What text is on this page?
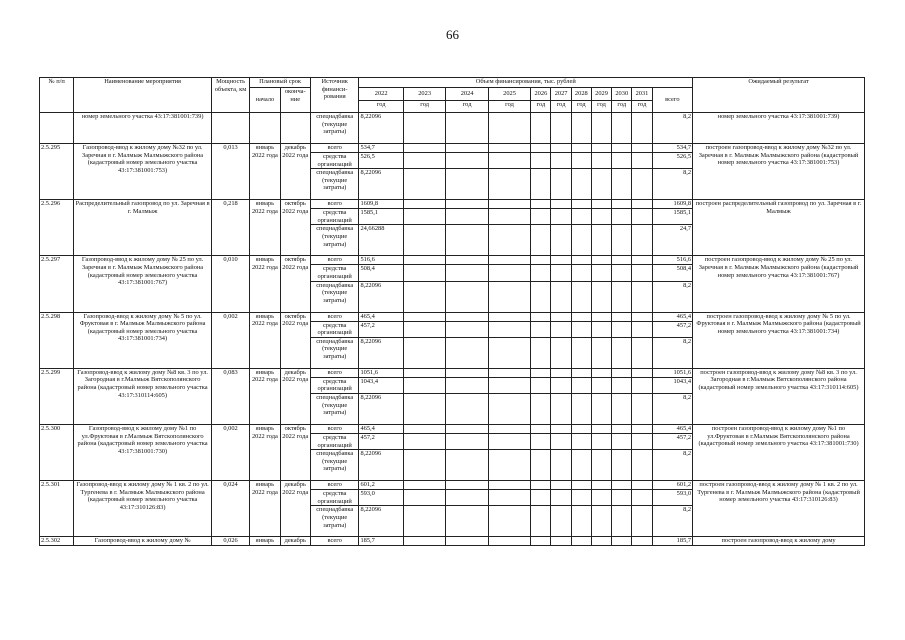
66
№ п/п	Наименование мероприятия	Мощность объекта, км	Плановый срок		Источник финанси-рования	Объем финансирования, тыс. рублей											Ожидаемый результат
			начало	оконча-ние		2022	2023	2024	2025	2026	2027	2028	2029	2030	2031	всего	
						год	год	год	год	год	год	год	год	год	год		
	номер земельного участка 43:17:381001:739)				спецнадбавка (текущие затраты)	8,22096										8,2	номер земельного участка 43:17:381001:739)
2.5.295	Газопровод-ввод к жилому дому №32 по ул. Заречная в г. Малмыж Малмыжского района (кадастровый номер земельного участка 43:17:381001:753)	0,013	январь 2022 года	декабрь 2022 года	всего	534,7										534,7	построен газопровод-ввод к жилому дому №32 по ул. Заречная в г. Малмыж Малмыжского района (кадастровый номер земельного участка 43:17:381001:753)
					средства организаций	526,5										526,5	
					спецнадбавка (текущие затраты)	8,22096										8,2	
2.5.296	Распределительный газопровод по ул. Заречная в г. Малмыж	0,218	январь 2022 года	октябрь 2022 года	всего	1609,8										1609,8	построен распределительный газопровод по ул. Заречная в г. Малмыж
					средства организаций	1585,1										1585,1	
					спецнадбавка (текущие затраты)	24,66288										24,7	
2.5.297	Газопровод-ввод к жилому дому № 25 по ул. Заречная в г. Малмыж Малмыжского района (кадастровый номер земельного участка 43:17:381001:767)	0,010	январь 2022 года	октябрь 2022 года	всего	516,6										516,6	построен газопровод-ввод к жилому дому № 25 по ул. Заречная в г. Малмыж Малмыжского района (кадастровый номер земельного участка 43:17:381001:767)
					средства организаций	508,4										508,4	
					спецнадбавка (текущие затраты)	8,22096										8,2	
2.5.298	Газопровод-ввод к жилому дому № 5 по ул. Фруктовая в г. Малмыж Малмыжского района (кадастровый номер земельного участка 43:17:381001:734)	0,002	январь 2022 года	октябрь 2022 года	всего	465,4										465,4	построен газопровод-ввод к жилому дому № 5 по ул. Фруктовая в г. Малмыж Малмыжского района (кадастровый номер земельного участка 43:17:381001:734)
					средства организаций	457,2										457,2	
					спецнадбавка (текущие затраты)	8,22096										8,2	
2.5.299	Газопровод-ввод к жилому дому №8 кв. 3 по ул. Загородная в г.Малмыж Вятскополянского района (кадастровый номер земельного участка 43:17:310114:605)	0,083	январь 2022 года	декабрь 2022 года	всего	1051,6										1051,6	построен газопровод-ввод к жилому дому №8 кв. 3 по ул. Загородная в г.Малмыж Вятскополянского района (кадастровый номер земельного участка 43:17:310114:605)
					средства организаций	1043,4										1043,4	
					спецнадбавка (текущие затраты)	8,22096										8,2	
2.5.300	Газопровод-ввод к жилому дому №1 по ул.Фруктовая в г.Малмыж Вятскополянского района (кадастровый номер земельного участка 43:17:381001:730)	0,002	январь 2022 года	октябрь 2022 года	всего	465,4										465,4	построен газопровод-ввод к жилому дому №1 по ул.Фруктовая в г.Малмыж Вятскополянского района (кадастровый номер земельного участка 43:17:381001:730)
					средства организаций	457,2										457,2	
					спецнадбавка (текущие затраты)	8,22096										8,2	
2.5.301	Газопровод-ввод к жилому дому № 1 кв. 2 по ул. Тургенева в г. Малмыж Малмыжского района (кадастровый номер земельного участка 43:17:310126:83)	0,024	январь 2022 года	декабрь 2022 года	всего	601,2										601,2	построен газопровод-ввод к жилому дому № 1 кв. 2 по ул. Тургенева в г. Малмыж Малмыжского района (кадастровый номер земельного участка 43:17:310126:83)
					средства организаций	593,0										593,0	
					спецнадбавка (текущие затраты)	8,22096										8,2	
2.5.302	Газопровод-ввод к жилому дому №	0,026	январь	декабрь	всего	185,7										185,7	построен газопровод-ввод к жилому дому
